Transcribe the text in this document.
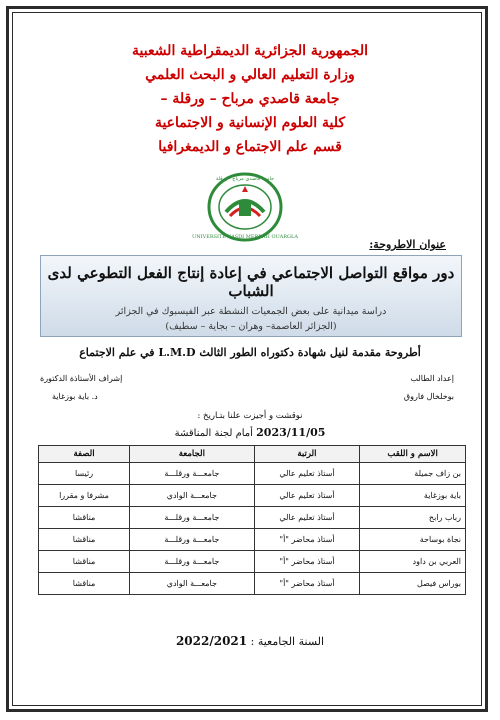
الجمهورية الجزائرية الديمقراطية الشعبية
وزارة التعليم العالي و البحث العلمي
جامعة قاصدي مرباح – ورقلة –
كلية العلوم الإنسانية و الاجتماعية
قسم علم الاجتماع و الديمغرافيا
UNIVERSITE KASDI MERBAH OUARGLA
جامعة قاصدي مرباح - ورقلة
عنوان الاطروحة:
دور مواقع التواصل الاجتماعي في إعادة إنتاج الفعل التطوعي لدى الشباب
دراسة ميدانية على بعض الجمعيات النشطة عبر الفيسبوك في الجزائر
(الجزائر العاصمة– وهران – بجاية – سطيف)
أطروحة مقدمة لنيل شهادة دكتوراه الطور الثالث L.M.D في علم الاجتماع
إعداد الطالب
إشراف الأستاذة الدكتورة
بوخلخال فاروق
د. باية بوزغاية
نوقشت و أجيزت علنا بتـاريخ :
2023/11/05 أمام لجنة المناقشة
الاسم و اللقب	الرتبة	الجامعة	الصفة
بن زاف جميلة	أستاذ تعليم عالي	جامعـــة ورقلـــة	رئيسا
باية بوزغاية	أستاذ تعليم عالي	جامعـــة الوادي	مشرفا و مقررا
رباب رابح	أستاذ تعليم عالي	جامعـــة ورقلـــة	مناقشا
نجاة بوساحة	أستاذ محاضر "أ"	جامعـــة ورقلـــة	مناقشا
العربي بن داود	أستاذ محاضر "أ"	جامعـــة ورقلـــة	مناقشا
بوراس فيصل	أستاذ محاضر "أ"	جامعـــة الوادي	مناقشا
السنة الجامعية : 2022/2021
